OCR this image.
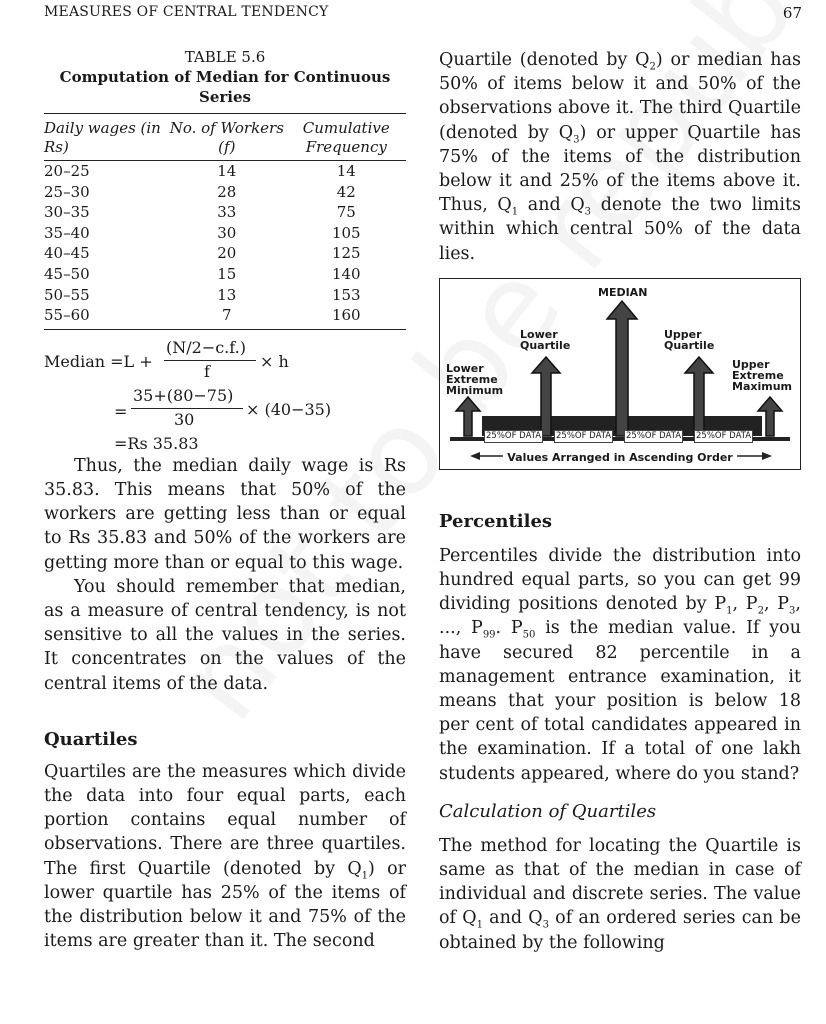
MEASURES OF CENTRAL TENDENCY	67
TABLE 5.6
Computation of Median for Continuous Series
Daily wages (in Rs)	No. of Workers (f)	Cumulative Frequency
20–25	14	14
25–30	28	42
30–35	33	75
35–40	30	105
40–45	20	125
45–50	15	140
50–55	13	153
55–60	7	160
Median =L +
(N/2−c.f.)
f
× h
=
35+(80−75)
30
× (40−35)
=Rs 35.83

Thus, the median daily wage is Rs 35.83. This means that 50% of the workers are getting less than or equal to Rs 35.83 and 50% of the workers are getting more than or equal to this wage.

You should remember that median, as a measure of central tendency, is not sensitive to all the values in the series. It concentrates on the values of the central items of the data.

Quartiles

Quartiles are the measures which divide the data into four equal parts, each portion contains equal number of observations. There are three quartiles. The first Quartile (denoted by $Q_1$) or lower quartile has 25% of the items of the distribution below it and 75% of the items are greater than it. The second

Quartile (denoted by $Q_2$) or median has 50% of items below it and 50% of the observations above it. The third Quartile (denoted by $Q_3$) or upper Quartile has 75% of the items of the distribution below it and 25% of the items above it. Thus, $Q_1$ and $Q_3$ denote the two limits within which central 50% of the data lies.

MEDIAN
Lower
Quartile
Upper
Quartile
Lower
Extreme
Minimum
Upper
Extreme
Maximum
25%OF DATA 25%OF DATA 25%OF DATA 25%OF DATA
Values Arranged in Ascending Order

Percentiles

Percentiles divide the distribution into hundred equal parts, so you can get 99 dividing positions denoted by $P_1$, $P_2$, $P_3$, ..., $P_{99}$. $P_{50}$ is the median value. If you have secured 82 percentile in a management entrance examination, it means that your position is below 18 per cent of total candidates appeared in the examination. If a total of one lakh students appeared, where do you stand?

Calculation of Quartiles

The method for locating the Quartile is same as that of the median in case of individual and discrete series. The value of $Q_1$ and $Q_3$ of an ordered series can be obtained by the following
